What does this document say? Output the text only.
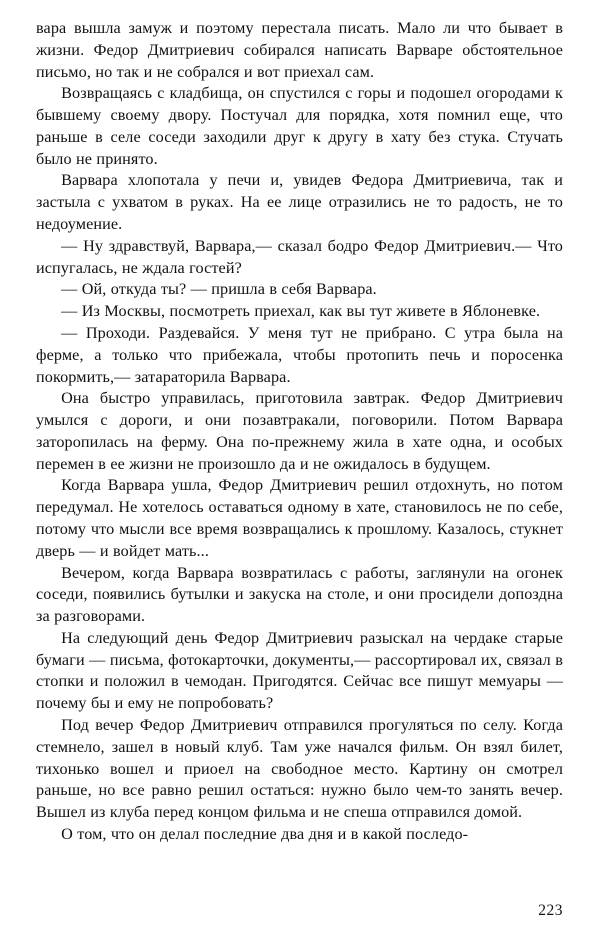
вара вышла замуж и поэтому перестала писать. Мало ли что бывает в жизни. Федор Дмитриевич собирался написать Варваре обстоятельное письмо, но так и не собрался и вот приехал сам.

Возвращаясь с кладбища, он спустился с горы и подошел огородами к бывшему своему двору. Постучал для порядка, хотя помнил еще, что раньше в селе соседи заходили друг к другу в хату без стука. Стучать было не принято.

Варвара хлопотала у печи и, увидев Федора Дмитриевича, так и застыла с ухватом в руках. На ее лице отразились не то радость, не то недоумение.

— Ну здравствуй, Варвара,— сказал бодро Федор Дмитриевич.— Что испугалась, не ждала гостей?

— Ой, откуда ты? — пришла в себя Варвара.

— Из Москвы, посмотреть приехал, как вы тут живете в Яблоневке.

— Проходи. Раздевайся. У меня тут не прибрано. С утра была на ферме, а только что прибежала, чтобы протопить печь и поросенка покормить,— затараторила Варвара.

Она быстро управилась, приготовила завтрак. Федор Дмитриевич умылся с дороги, и они позавтракали, поговорили. Потом Варвара заторопилась на ферму. Она по-прежнему жила в хате одна, и особых перемен в ее жизни не произошло да и не ожидалось в будущем.

Когда Варвара ушла, Федор Дмитриевич решил отдохнуть, но потом передумал. Не хотелось оставаться одному в хате, становилось не по себе, потому что мысли все время возвращались к прошлому. Казалось, стукнет дверь — и войдет мать...

Вечером, когда Варвара возвратилась с работы, заглянули на огонек соседи, появились бутылки и закуска на столе, и они просидели допоздна за разговорами.

На следующий день Федор Дмитриевич разыскал на чердаке старые бумаги — письма, фотокарточки, документы,— рассортировал их, связал в стопки и положил в чемодан. Пригодятся. Сейчас все пишут мемуары — почему бы и ему не попробовать?

Под вечер Федор Дмитриевич отправился прогуляться по селу. Когда стемнело, зашел в новый клуб. Там уже начался фильм. Он взял билет, тихонько вошел и приоел на свободное место. Картину он смотрел раньше, но все равно решил остаться: нужно было чем-то занять вечер. Вышел из клуба перед концом фильма и не спеша отправился домой.

О том, что он делал последние два дня и в какой последо-

223
